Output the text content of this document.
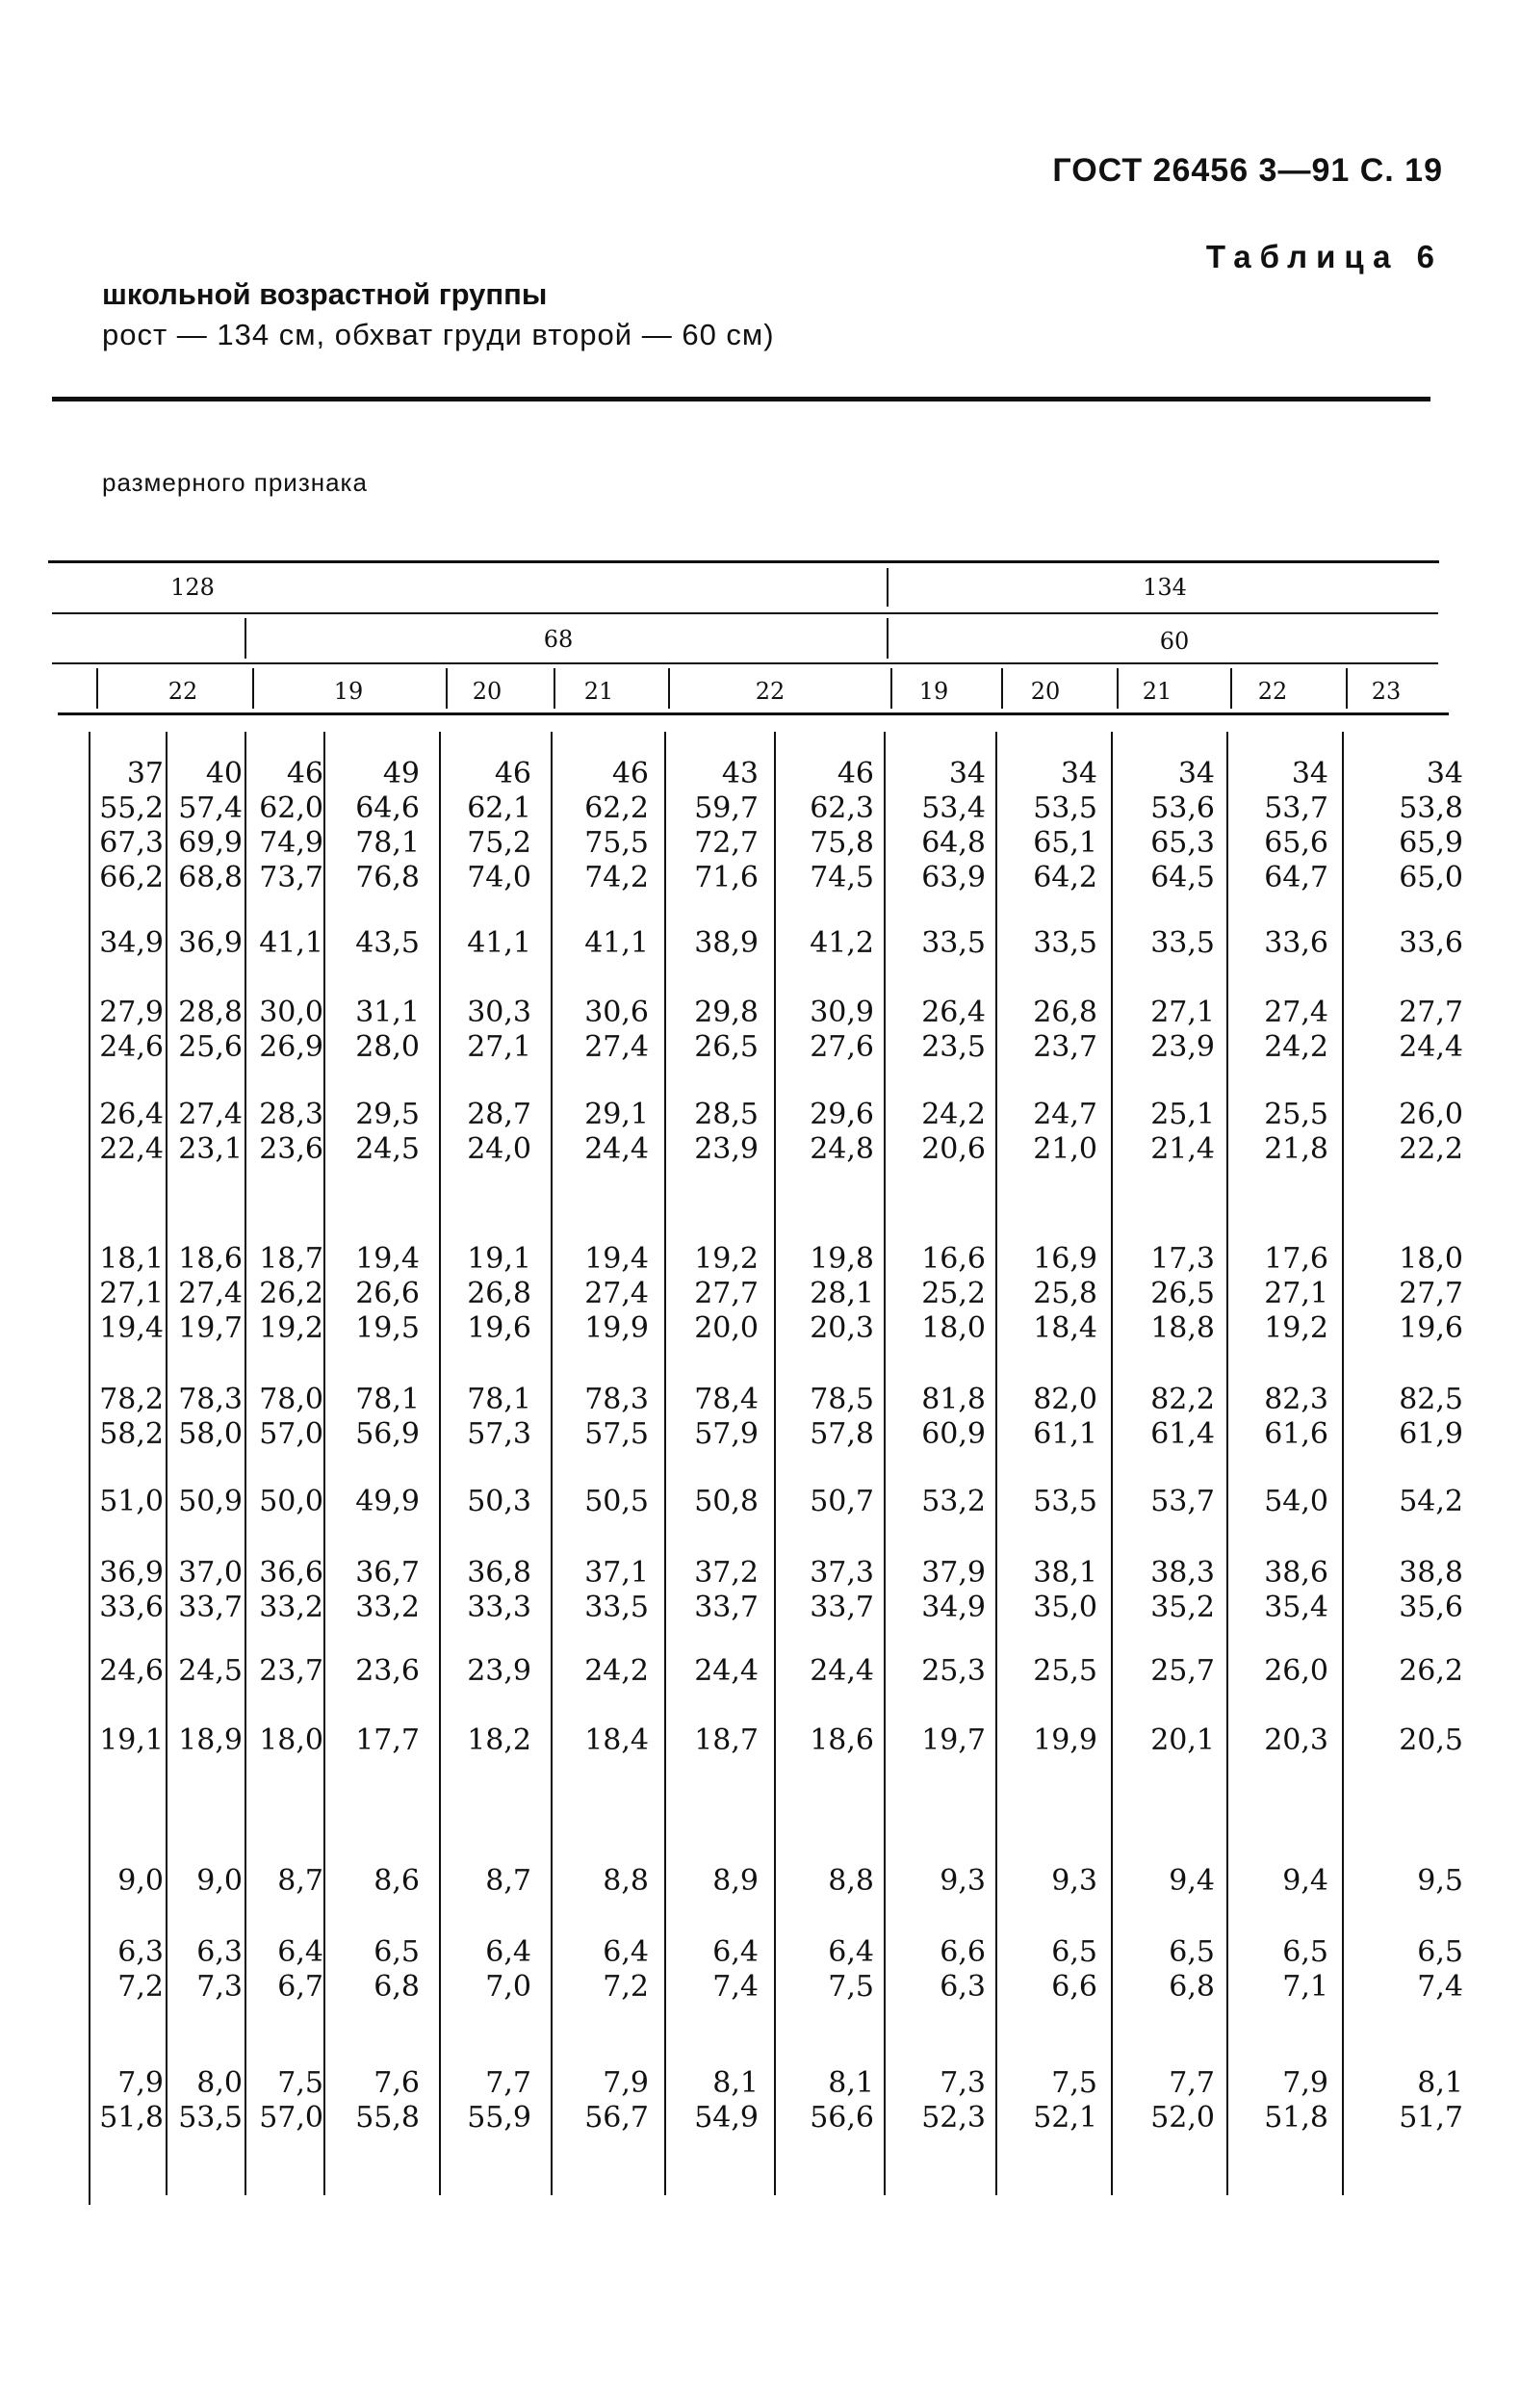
ГОСТ 26456 3—91 С. 19
Таблица 6
школьной возрастной группы
рост — 134 см, обхват груди второй — 60 см)
размерного признака
128	134
68	60
22	19	20	21	22	19	20	21	22	23
37	40	46	49	46	46	43	46	34	34	34	34	34
55,2 57,4 62,0	64,6	62,1	62,2	59,7	62,3	53,4	53,5	53,6	53,7	53,8
67,3 69,9 74,9	78,1	75,2	75,5	72,7	75,8	64,8	65,1	65,3	65,6	65,9
66,2 68,8 73,7	76,8	74,0	74,2	71,6	74,5	63,9	64,2	64,5	64,7	65,0
34,9 36,9 41,1	43,5	41,1	41,1	38,9	41,2	33,5	33,5	33,5	33,6	33,6
27,9 28,8 30,0	31,1	30,3	30,6	29,8	30,9	26,4	26,8	27,1	27,4	27,7
24,6 25,6 26,9	28,0	27,1	27,4	26,5	27,6	23,5	23,7	23,9	24,2	24,4
26,4 27,4 28,3	29,5	28,7	29,1	28,5	29,6	24,2	24,7	25,1	25,5	26,0
22,4 23,1 23,6	24,5	24,0	24,4	23,9	24,8	20,6	21,0	21,4	21,8	22,2
18,1 18,6 18,7	19,4	19,1	19,4	19,2	19,8	16,6	16,9	17,3	17,6	18,0
27,1 27,4 26,2	26,6	26,8	27,4	27,7	28,1	25,2	25,8	26,5	27,1	27,7
19,4 19,7 19,2	19,5	19,6	19,9	20,0	20,3	18,0	18,4	18,8	19,2	19,6
78,2 78,3 78,0	78,1	78,1	78,3	78,4	78,5	81,8	82,0	82,2	82,3	82,5
58,2 58,0 57,0	56,9	57,3	57,5	57,9	57,8	60,9	61,1	61,4	61,6	61,9
51,0 50,9 50,0	49,9	50,3	50,5	50,8	50,7	53,2	53,5	53,7	54,0	54,2
36,9 37,0 36,6	36,7	36,8	37,1	37,2	37,3	37,9	38,1	38,3	38,6	38,8
33,6 33,7 33,2	33,2	33,3	33,5	33,7	33,7	34,9	35,0	35,2	35,4	35,6
24,6 24,5 23,7	23,6	23,9	24,2	24,4	24,4	25,3	25,5	25,7	26,0	26,2
19,1 18,9 18,0	17,7	18,2	18,4	18,7	18,6	19,7	19,9	20,1	20,3	20,5
9,0	9,0	8,7	8,6	8,7	8,8	8,9	8,8	9,3	9,3	9,4	9,4	9,5
6,3	6,3	6,4	6,5	6,4	6,4	6,4	6,4	6,6	6,5	6,5	6,5	6,5
7,2	7,3	6,7	6,8	7,0	7,2	7,4	7,5	6,3	6,6	6,8	7,1	7,4
7,9	8,0	7,5	7,6	7,7	7,9	8,1	8,1	7,3	7,5	7,7	7,9	8,1
51,8 53,5 57,0	55,8	55,9	56,7	54,9	56,6	52,3	52,1	52,0	51,8	51,7
